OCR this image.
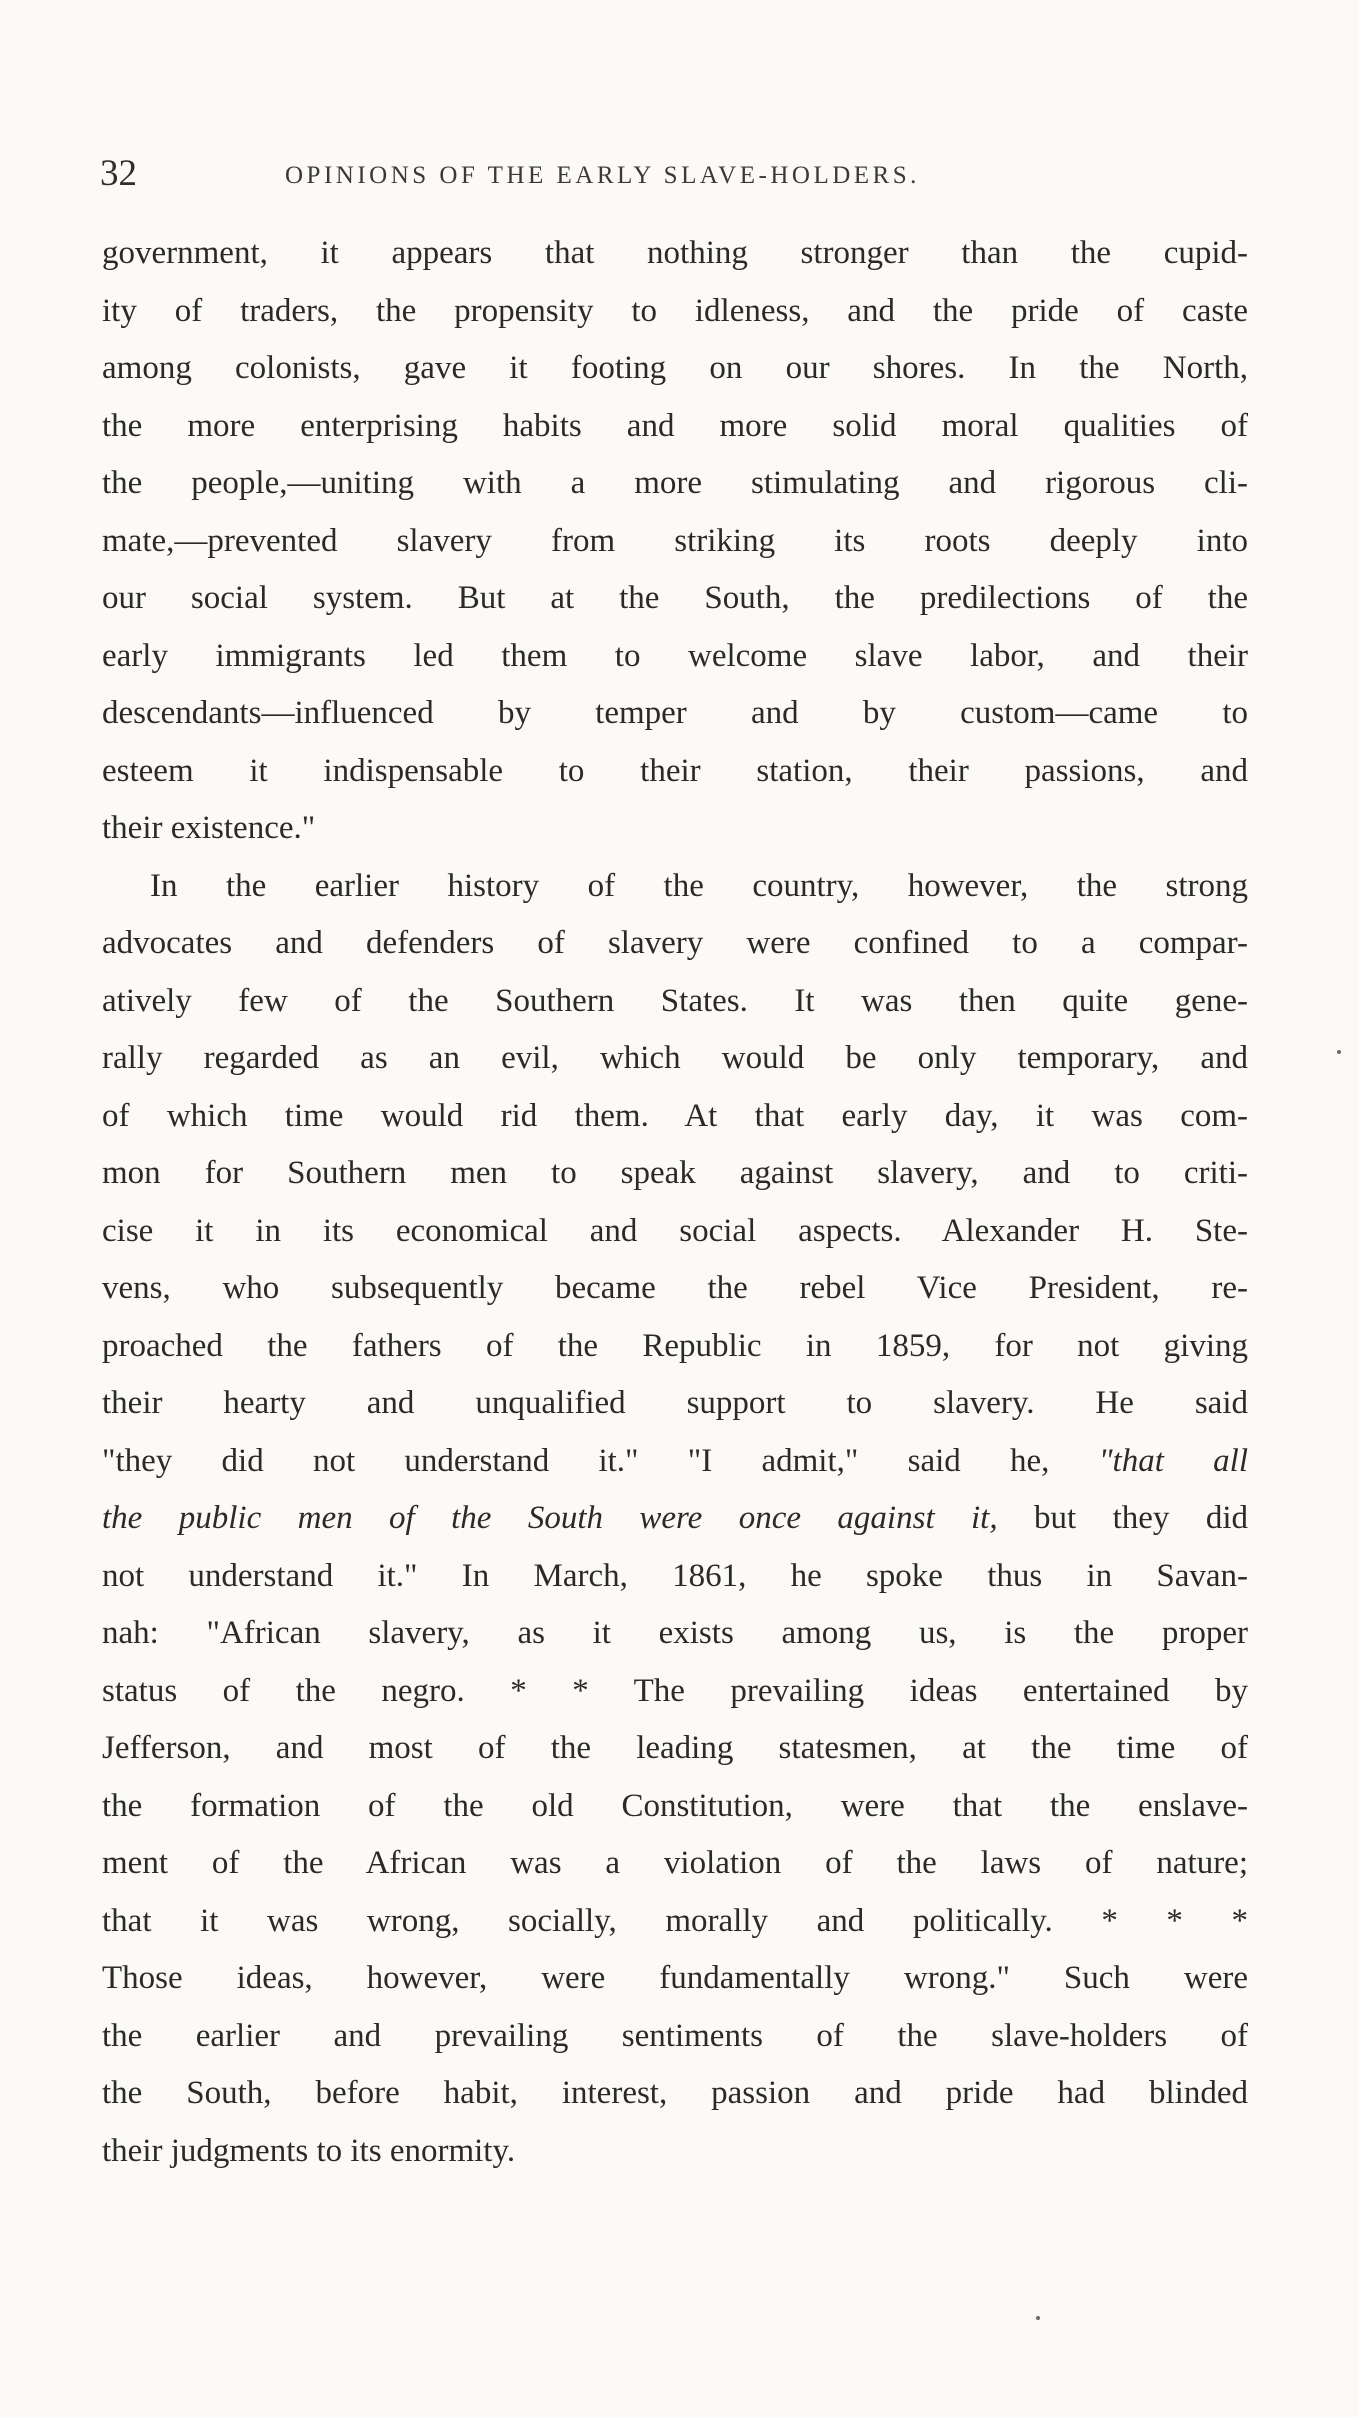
32	OPINIONS OF THE EARLY SLAVE-HOLDERS.
government, it appears that nothing stronger than the cupid-
ity of traders, the propensity to idleness, and the pride of caste
among colonists, gave it footing on our shores. In the North,
the more enterprising habits and more solid moral qualities of
the people,—uniting with a more stimulating and rigorous cli-
mate,—prevented slavery from striking its roots deeply into
our social system. But at the South, the predilections of the
early immigrants led them to welcome slave labor, and their
descendants—influenced by temper and by custom—came to
esteem it indispensable to their station, their passions, and
their existence."
In the earlier history of the country, however, the strong
advocates and defenders of slavery were confined to a compar-
atively few of the Southern States. It was then quite gene-
rally regarded as an evil, which would be only temporary, and
of which time would rid them. At that early day, it was com-
mon for Southern men to speak against slavery, and to criti-
cise it in its economical and social aspects. Alexander H. Ste-
vens, who subsequently became the rebel Vice President, re-
proached the fathers of the Republic in 1859, for not giving
their hearty and unqualified support to slavery. He said
"they did not understand it." "I admit," said he, "that all
the public men of the South were once against it, but they did
not understand it." In March, 1861, he spoke thus in Savan-
nah: "African slavery, as it exists among us, is the proper
status of the negro. * * The prevailing ideas entertained by
Jefferson, and most of the leading statesmen, at the time of
the formation of the old Constitution, were that the enslave-
ment of the African was a violation of the laws of nature;
that it was wrong, socially, morally and politically. * * *
Those ideas, however, were fundamentally wrong." Such were
the earlier and prevailing sentiments of the slave-holders of
the South, before habit, interest, passion and pride had blinded
their judgments to its enormity.
